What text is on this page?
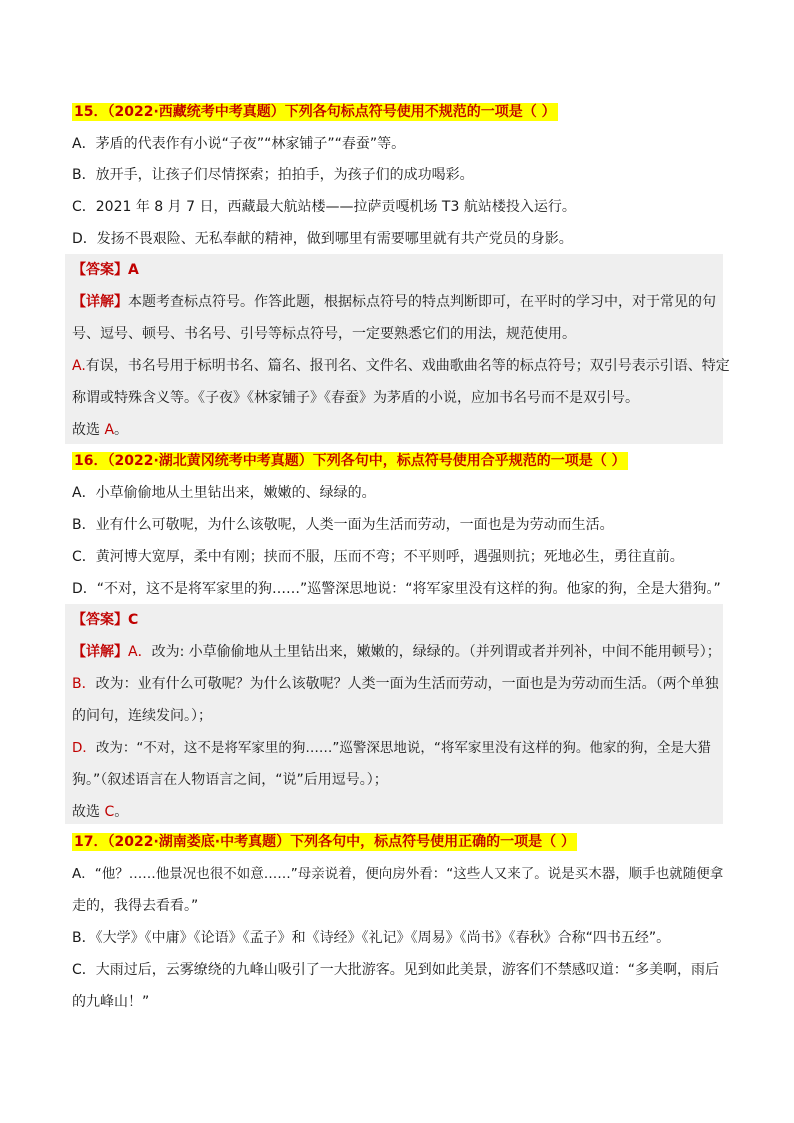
15．（2022·西藏统考中考真题）下列各句标点符号使用不规范的一项是（ ）
A．茅盾的代表作有小说“子夜”“林家铺子”“春蚕”等。
B．放开手，让孩子们尽情探索；拍拍手，为孩子们的成功喝彩。
C．2021 年 8 月 7 日，西藏最大航站楼——拉萨贡嘎机场 T3 航站楼投入运行。
D．发扬不畏艰险、无私奉献的精神，做到哪里有需要哪里就有共产党员的身影。
【答案】A
【详解】本题考查标点符号。作答此题，根据标点符号的特点判断即可，在平时的学习中，对于常见的句
号、逗号、顿号、书名号、引号等标点符号，一定要熟悉它们的用法，规范使用。
A.有误，书名号用于标明书名、篇名、报刊名、文件名、戏曲歌曲名等的标点符号；双引号表示引语、特定
称谓或特殊含义等。《子夜》《林家铺子》《春蚕》为茅盾的小说，应加书名号而不是双引号。
故选 A。
16．（2022·湖北黄冈统考中考真题）下列各句中，标点符号使用合乎规范的一项是（ ）
A．小草偷偷地从土里钻出来，嫩嫩的、绿绿的。
B．业有什么可敬呢，为什么该敬呢，人类一面为生活而劳动，一面也是为劳动而生活。
C．黄河博大宽厚，柔中有刚；挟而不服，压而不弯；不平则呼，遇强则抗；死地必生，勇往直前。
D．“不对，这不是将军家里的狗……”巡警深思地说：“将军家里没有这样的狗。他家的狗，全是大猎狗。”
【答案】C
【详解】A．改为: 小草偷偷地从土里钻出来，嫩嫩的，绿绿的。（并列谓或者并列补，中间不能用顿号）；
B．改为：业有什么可敬呢？为什么该敬呢？人类一面为生活而劳动，一面也是为劳动而生活。（两个单独
的问句，连续发问。）；
D．改为：“不对，这不是将军家里的狗……”巡警深思地说，“将军家里没有这样的狗。他家的狗，全是大猎
狗。”（叙述语言在人物语言之间，“说”后用逗号。）；
故选 C。
17．（2022·湖南娄底·中考真题）下列各句中，标点符号使用正确的一项是（ ）
A．“他？……他景况也很不如意……”母亲说着，便向房外看：“这些人又来了。说是买木器，顺手也就随便拿
走的，我得去看看。”
B．《大学》《中庸》《论语》《孟子》和《诗经》《礼记》《周易》《尚书》《春秋》合称“四书五经”。
C．大雨过后，云雾缭绕的九峰山吸引了一大批游客。见到如此美景，游客们不禁感叹道：“多美啊，雨后
的九峰山！”
